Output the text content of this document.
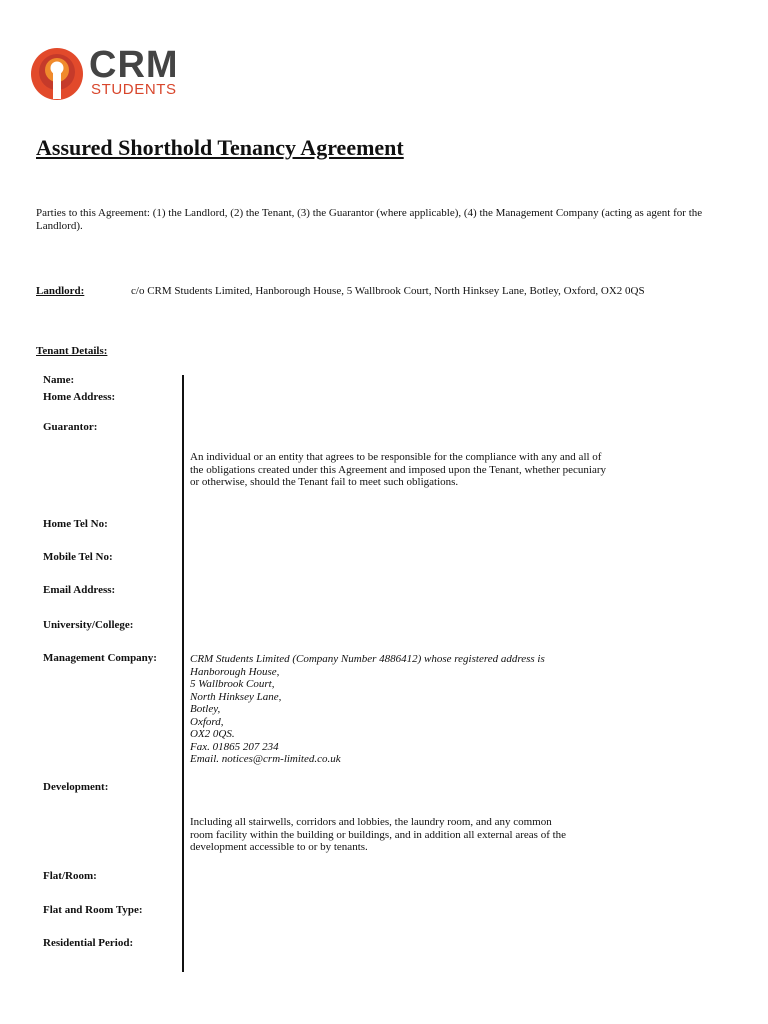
CRM
STUDENTS
Assured Shorthold Tenancy Agreement
Parties to this Agreement: (1) the Landlord, (2) the Tenant, (3) the Guarantor (where applicable), (4) the Management Company (acting as agent for the Landlord).
Landlord:	c/o CRM Students Limited, Hanborough House, 5 Wallbrook Court, North Hinksey Lane, Botley, Oxford, OX2 0QS
Tenant Details:
Name:
Home Address:
Guarantor:
An individual or an entity that agrees to be responsible for the compliance with any and all of
the obligations created under this Agreement and imposed upon the Tenant, whether pecuniary
or otherwise, should the Tenant fail to meet such obligations.
Home Tel No:
Mobile Tel No:
Email Address:
University/College:
Management Company:	CRM Students Limited (Company Number 4886412) whose registered address is
Hanborough House,
5 Wallbrook Court,
North Hinksey Lane,
Botley,
Oxford,
OX2 0QS.
Fax. 01865 207 234
Email. notices@crm-limited.co.uk
Development:
Including all stairwells, corridors and lobbies, the laundry room, and any common
room facility within the building or buildings, and in addition all external areas of the
development accessible to or by tenants.
Flat/Room:
Flat and Room Type:
Residential Period:
